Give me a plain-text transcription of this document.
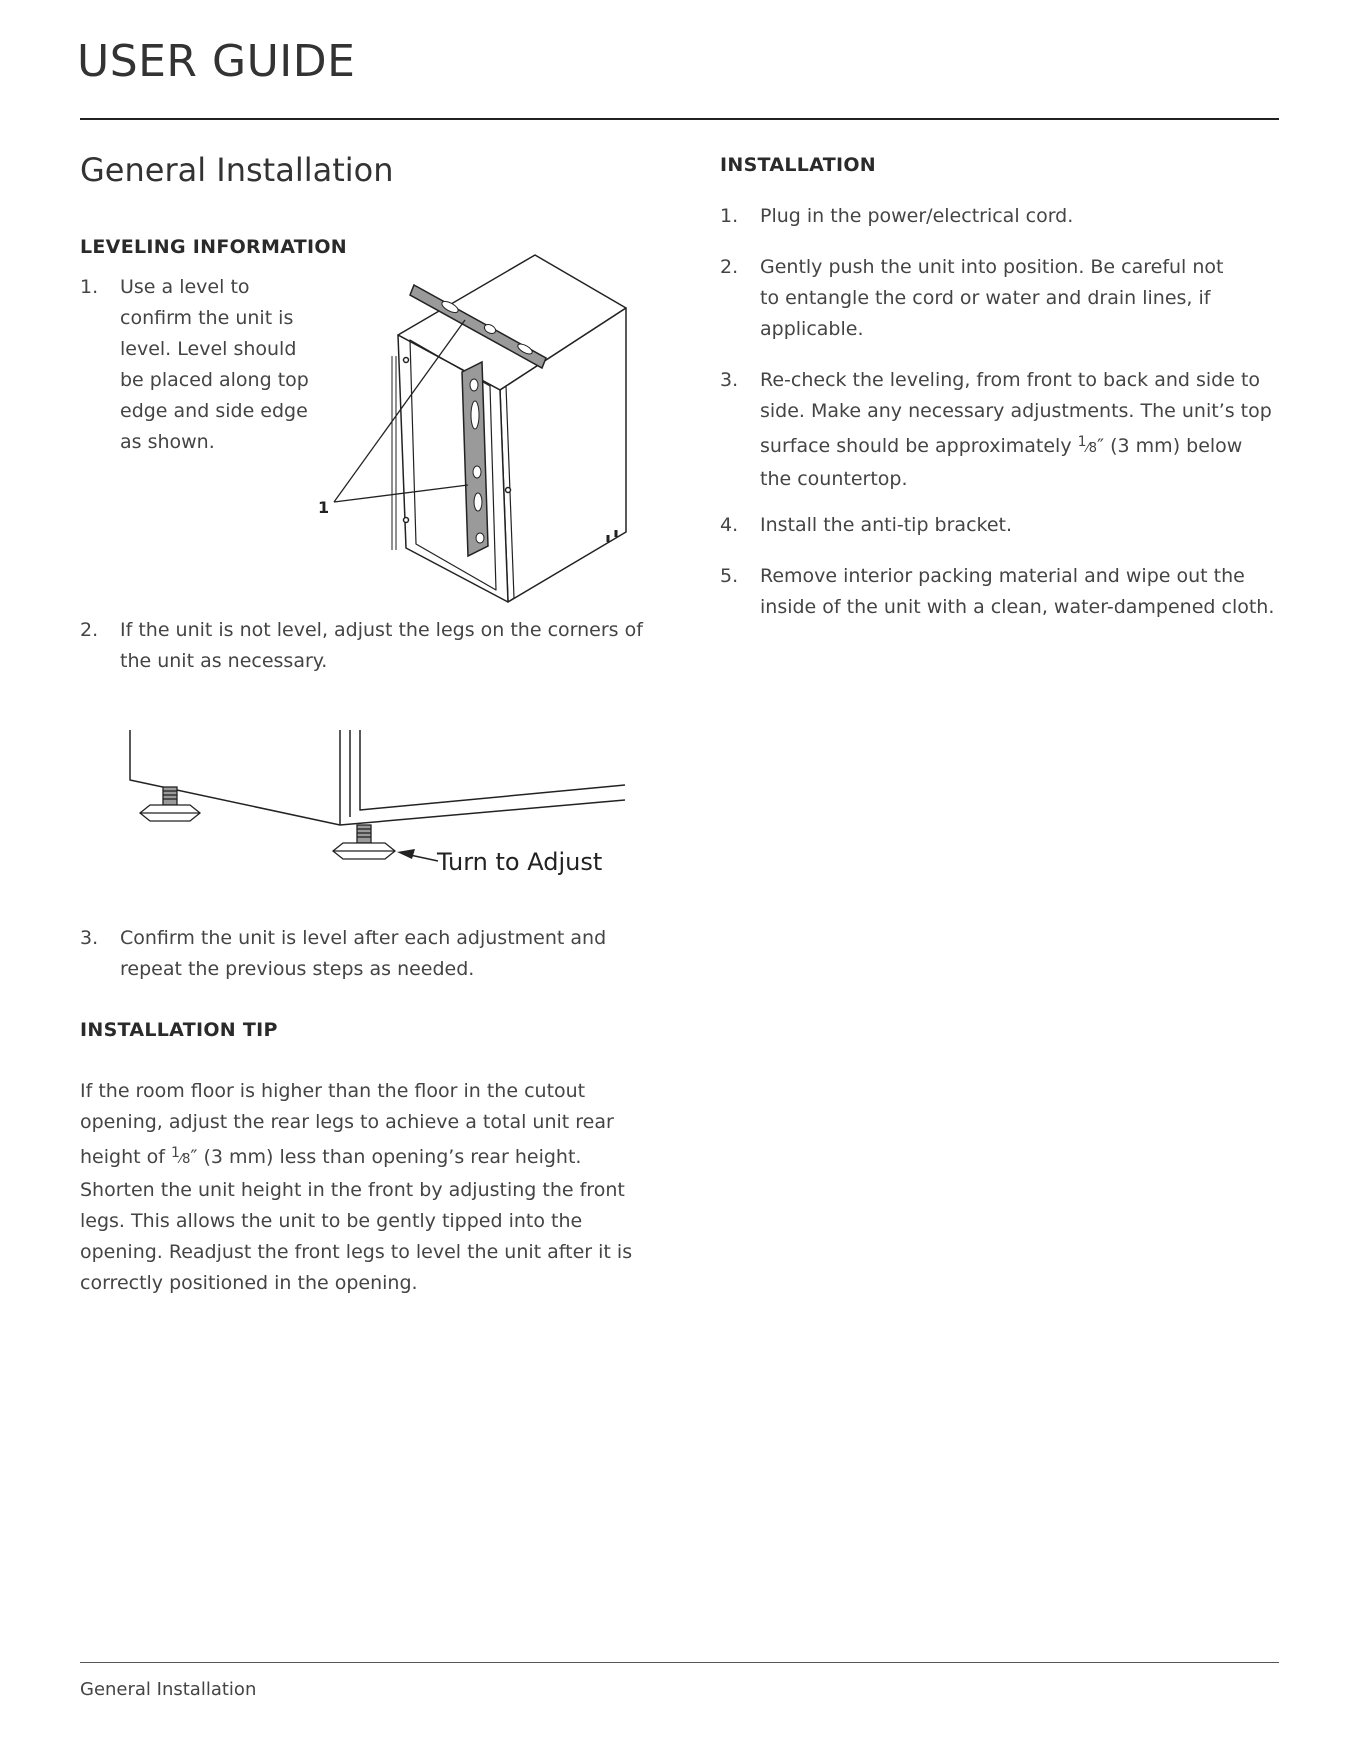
USER GUIDE
General Installation
LEVELING INFORMATION
1. Use a level to
confirm the unit is
level. Level should
be placed along top
edge and side edge
as shown.
1
2. If the unit is not level, adjust the legs on the corners of
the unit as necessary.
Turn to Adjust
3. Confirm the unit is level after each adjustment and
repeat the previous steps as needed.
INSTALLATION TIP
If the room floor is higher than the floor in the cutout
opening, adjust the rear legs to achieve a total unit rear
height of $^1$⁄8″ (3 mm) less than opening’s rear height.
Shorten the unit height in the front by adjusting the front
legs. This allows the unit to be gently tipped into the
opening. Readjust the front legs to level the unit after it is
correctly positioned in the opening.
INSTALLATION
1. Plug in the power/electrical cord.
2. Gently push the unit into position. Be careful not
to entangle the cord or water and drain lines, if
applicable.
3. Re-check the leveling, from front to back and side to
side. Make any necessary adjustments. The unit’s top
surface should be approximately $^1$⁄8″ (3 mm) below
the countertop.
4. Install the anti-tip bracket.
5. Remove interior packing material and wipe out the
inside of the unit with a clean, water-dampened cloth.
General Installation
